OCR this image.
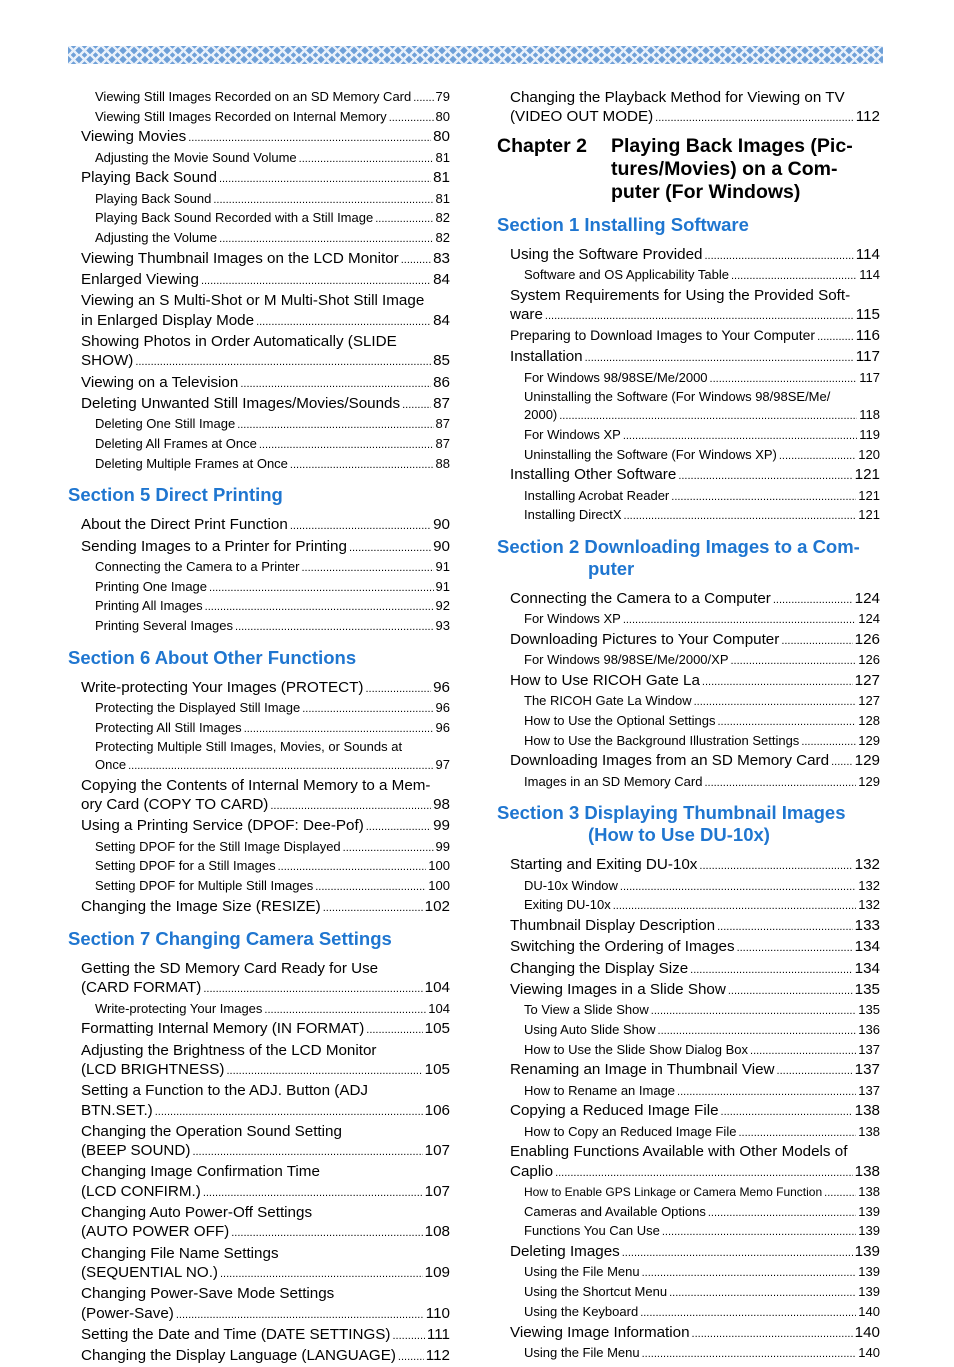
Viewing Still Images Recorded on an SD Memory Card ..... 79
Viewing Still Images Recorded on Internal Memory .....	80
Viewing Movies .....	80
Adjusting the Movie Sound Volume .....	81
Playing Back Sound .....	81
Playing Back Sound .....	81
Playing Back Sound Recorded with a Still Image .....	82
Adjusting the Volume .....	82
Viewing Thumbnail Images on the LCD Monitor ..... 83
Enlarged Viewing .....	84
Viewing an S Multi-Shot or M Multi-Shot Still Image
in Enlarged Display Mode .....	84
Showing Photos in Order Automatically (SLIDE
SHOW) .....	85
Viewing on a Television .....	86
Deleting Unwanted Still Images/Movies/Sounds ..... 87
Deleting One Still Image .....	87
Deleting All Frames at Once .....	87
Deleting Multiple Frames at Once .....	88
Section 5 Direct Printing
About the Direct Print Function .....	90
Sending Images to a Printer for Printing .....	90
Connecting the Camera to a Printer .....	91
Printing One Image .....	91
Printing All Images .....	92
Printing Several Images .....	93
Section 6 About Other Functions
Write-protecting Your Images (PROTECT) .....	96
Protecting the Displayed Still Image .....	96
Protecting All Still Images .....	96
Protecting Multiple Still Images, Movies, or Sounds at
Once .....	97
Copying the Contents of Internal Memory to a Mem-
ory Card (COPY TO CARD) .....	98
Using a Printing Service (DPOF: Dee-Pof) .....	99
Setting DPOF for the Still Image Displayed .....	99
Setting DPOF for a Still Images .....	100
Setting DPOF for Multiple Still Images .....	100
Changing the Image Size (RESIZE) .....	102
Section 7 Changing Camera Settings
Getting the SD Memory Card Ready for Use
(CARD FORMAT) .....	104
Write-protecting Your Images .....	104
Formatting Internal Memory (IN FORMAT) .....	105
Adjusting the Brightness of the LCD Monitor
(LCD BRIGHTNESS) .....	105
Setting a Function to the ADJ. Button (ADJ
BTN.SET.) .....	106
Changing the Operation Sound Setting
(BEEP SOUND) .....	107
Changing Image Confirmation Time
(LCD CONFIRM.) .....	107
Changing Auto Power-Off Settings
(AUTO POWER OFF) .....	108
Changing File Name Settings
(SEQUENTIAL NO.) .....	109
Changing Power-Save Mode Settings
(Power-Save) .....	110
Setting the Date and Time (DATE SETTINGS) ..... 111
Changing the Display Language (LANGUAGE) ..... 112
Changing the Playback Method for Viewing on TV
(VIDEO OUT MODE) .....	112
Chapter 2	Playing Back Images (Pic-tures/Movies) on a Com-puter (For Windows)
Section 1 Installing Software
Using the Software Provided .....	114
Software and OS Applicability Table .....	114
System Requirements for Using the Provided Soft-
ware .....	115
Preparing to Download Images to Your Computer .....	116
Installation .....	117
For Windows 98/98SE/Me/2000 .....	117
Uninstalling the Software (For Windows 98/98SE/Me/
2000) .....	118
For Windows XP .....	119
Uninstalling the Software (For Windows XP) .....	120
Installing Other Software .....	121
Installing Acrobat Reader .....	121
Installing DirectX .....	121
Section 2 Downloading Images to a Com-
puter
Connecting the Camera to a Computer .....	124
For Windows XP .....	124
Downloading Pictures to Your Computer .....	126
For Windows 98/98SE/Me/2000/XP .....	126
How to Use RICOH Gate La .....	127
The RICOH Gate La Window .....	127
How to Use the Optional Settings .....	128
How to Use the Background Illustration Settings .....	129
Downloading Images from an SD Memory Card ..... 129
Images in an SD Memory Card .....	129
Section 3 Displaying Thumbnail Images
(How to Use DU-10x)
Starting and Exiting DU-10x .....	132
DU-10x Window .....	132
Exiting DU-10x .....	132
Thumbnail Display Description .....	133
Switching the Ordering of Images .....	134
Changing the Display Size .....	134
Viewing Images in a Slide Show .....	135
To View a Slide Show .....	135
Using Auto Slide Show .....	136
How to Use the Slide Show Dialog Box .....	137
Renaming an Image in Thumbnail View .....	137
How to Rename an Image .....	137
Copying a Reduced Image File .....	138
How to Copy an Reduced Image File .....	138
Enabling Functions Available with Other Models of
Caplio .....	138
How to Enable GPS Linkage or Camera Memo Function .....	138
Cameras and Available Options .....	139
Functions You Can Use .....	139
Deleting Images .....	139
Using the File Menu .....	139
Using the Shortcut Menu .....	139
Using the Keyboard .....	140
Viewing Image Information .....	140
Using the File Menu .....	140
